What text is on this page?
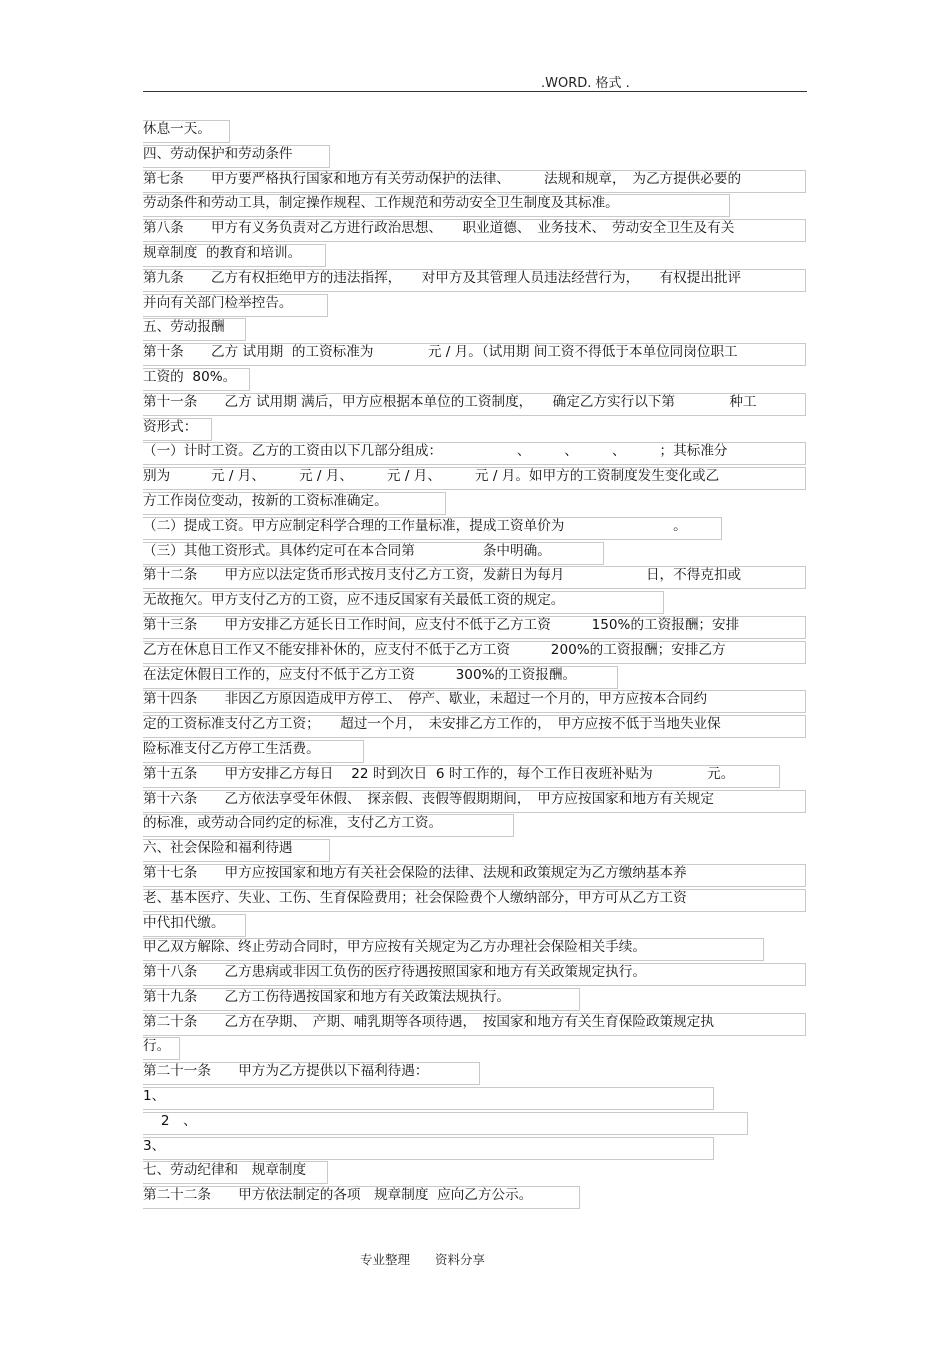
.WORD. 格式 .
休息一天。
四、劳动保护和劳动条件
第七条　　甲方要严格执行国家和地方有关劳动保护的法律、　　　法规和规章，　为乙方提供必要的
劳动条件和劳动工具，制定操作规程、工作规范和劳动安全卫生制度及其标准。
第八条　　甲方有义务负责对乙方进行政治思想、　　职业道德、　业务技术、　劳动安全卫生及有关
规章制度  的教育和培训。
第九条　　乙方有权拒绝甲方的违法指挥，　　对甲方及其管理人员违法经营行为，　　有权提出批评
并向有关部门检举控告。
五、劳动报酬
第十条　　乙方 试用期  的工资标准为　　　　元 / 月。（试用期 间工资不得低于本单位同岗位职工
工资的  80%。
第十一条　　乙方 试用期 满后，甲方应根据本单位的工资制度，　　确定乙方实行以下第　　　　种工
资形式：
（一）计时工资。乙方的工资由以下几部分组成：　　　　　　、　　　、　　　、　　　；其标准分
别为　　　元 / 月、　　　元 / 月、　　　元 / 月、　　　元 / 月。如甲方的工资制度发生变化或乙
方工作岗位变动，按新的工资标准确定。
（二）提成工资。甲方应制定科学合理的工作量标准，提成工资单价为　　　　　　　　。
（三）其他工资形式。具体约定可在本合同第　　　　　条中明确。
第十二条　　甲方应以法定货币形式按月支付乙方工资，发薪日为每月　　　　　　日，不得克扣或
无故拖欠。甲方支付乙方的工资，应不违反国家有关最低工资的规定。
第十三条　　甲方安排乙方延长日工作时间，应支付不低于乙方工资　　　150%的工资报酬；安排
乙方在休息日工作又不能安排补休的，应支付不低于乙方工资　　　200%的工资报酬；安排乙方
在法定休假日工作的，应支付不低于乙方工资　　　300%的工资报酬。
第十四条　　非因乙方原因造成甲方停工、　停产、歇业，未超过一个月的，甲方应按本合同约
定的工资标准支付乙方工资；　　超过一个月，　未安排乙方工作的，　甲方应按不低于当地失业保
险标准支付乙方停工生活费。
第十五条　　甲方安排乙方每日　 22 时到次日  6 时工作的，每个工作日夜班补贴为　　　　元。
第十六条　　乙方依法享受年休假、　探亲假、丧假等假期期间，　甲方应按国家和地方有关规定
的标准，或劳动合同约定的标准，支付乙方工资。
六、社会保险和福利待遇
第十七条　　甲方应按国家和地方有关社会保险的法律、法规和政策规定为乙方缴纳基本养
老、基本医疗、失业、工伤、生育保险费用；社会保险费个人缴纳部分，甲方可从乙方工资
中代扣代缴。
甲乙双方解除、终止劳动合同时，甲方应按有关规定为乙方办理社会保险相关手续。
第十八条　　乙方患病或非因工负伤的医疗待遇按照国家和地方有关政策规定执行。
第十九条　　乙方工伤待遇按国家和地方有关政策法规执行。
第二十条　　乙方在孕期、　产期、哺乳期等各项待遇，　按国家和地方有关生育保险政策规定执
行。
第二十一条　　甲方为乙方提供以下福利待遇：
1、
　 2　、
3、
七、劳动纪律和　规章制度
第二十二条　　甲方依法制定的各项　规章制度  应向乙方公示。
专业整理　　资料分享
